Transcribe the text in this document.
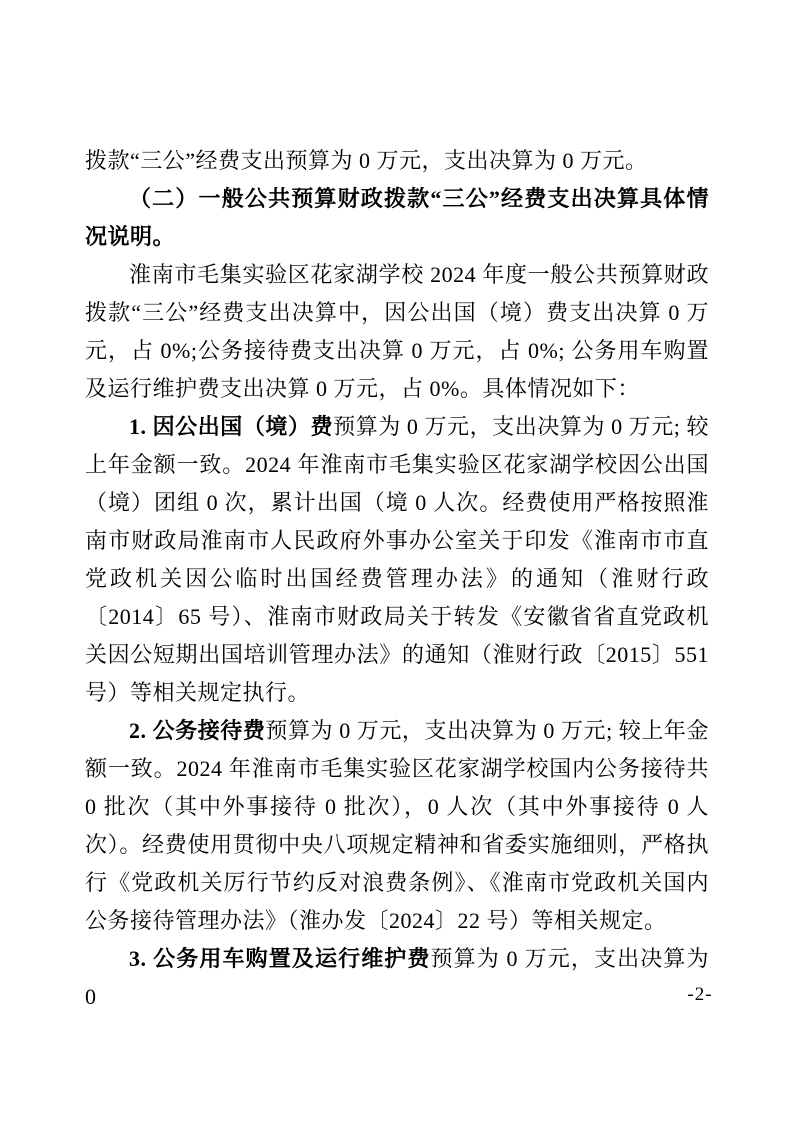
拨款“三公”经费支出预算为 0 万元，支出决算为 0 万元。

（二）一般公共预算财政拨款“三公”经费支出决算具体情况说明。

淮南市毛集实验区花家湖学校 2024 年度一般公共预算财政拨款“三公”经费支出决算中，因公出国（境）费支出决算 0 万元，占 0%;公务接待费支出决算 0 万元，占 0%; 公务用车购置及运行维护费支出决算 0 万元，占 0%。具体情况如下：

1. 因公出国（境）费预算为 0 万元，支出决算为 0 万元; 较上年金额一致。2024 年淮南市毛集实验区花家湖学校因公出国（境）团组 0 次，累计出国（境 0 人次。经费使用严格按照淮南市财政局淮南市人民政府外事办公室关于印发《淮南市市直党政机关因公临时出国经费管理办法》的通知（淮财行政〔2014〕65 号）、淮南市财政局关于转发《安徽省省直党政机关因公短期出国培训管理办法》的通知（淮财行政〔2015〕551 号）等相关规定执行。

2. 公务接待费预算为 0 万元，支出决算为 0 万元; 较上年金额一致。2024 年淮南市毛集实验区花家湖学校国内公务接待共 0 批次（其中外事接待 0 批次），0 人次（其中外事接待 0 人次）。经费使用贯彻中央八项规定精神和省委实施细则，严格执行《党政机关厉行节约反对浪费条例》、《淮南市党政机关国内公务接待管理办法》（淮办发〔2024〕22 号）等相关规定。

3. 公务用车购置及运行维护费预算为 0 万元，支出决算为 0	-2-
